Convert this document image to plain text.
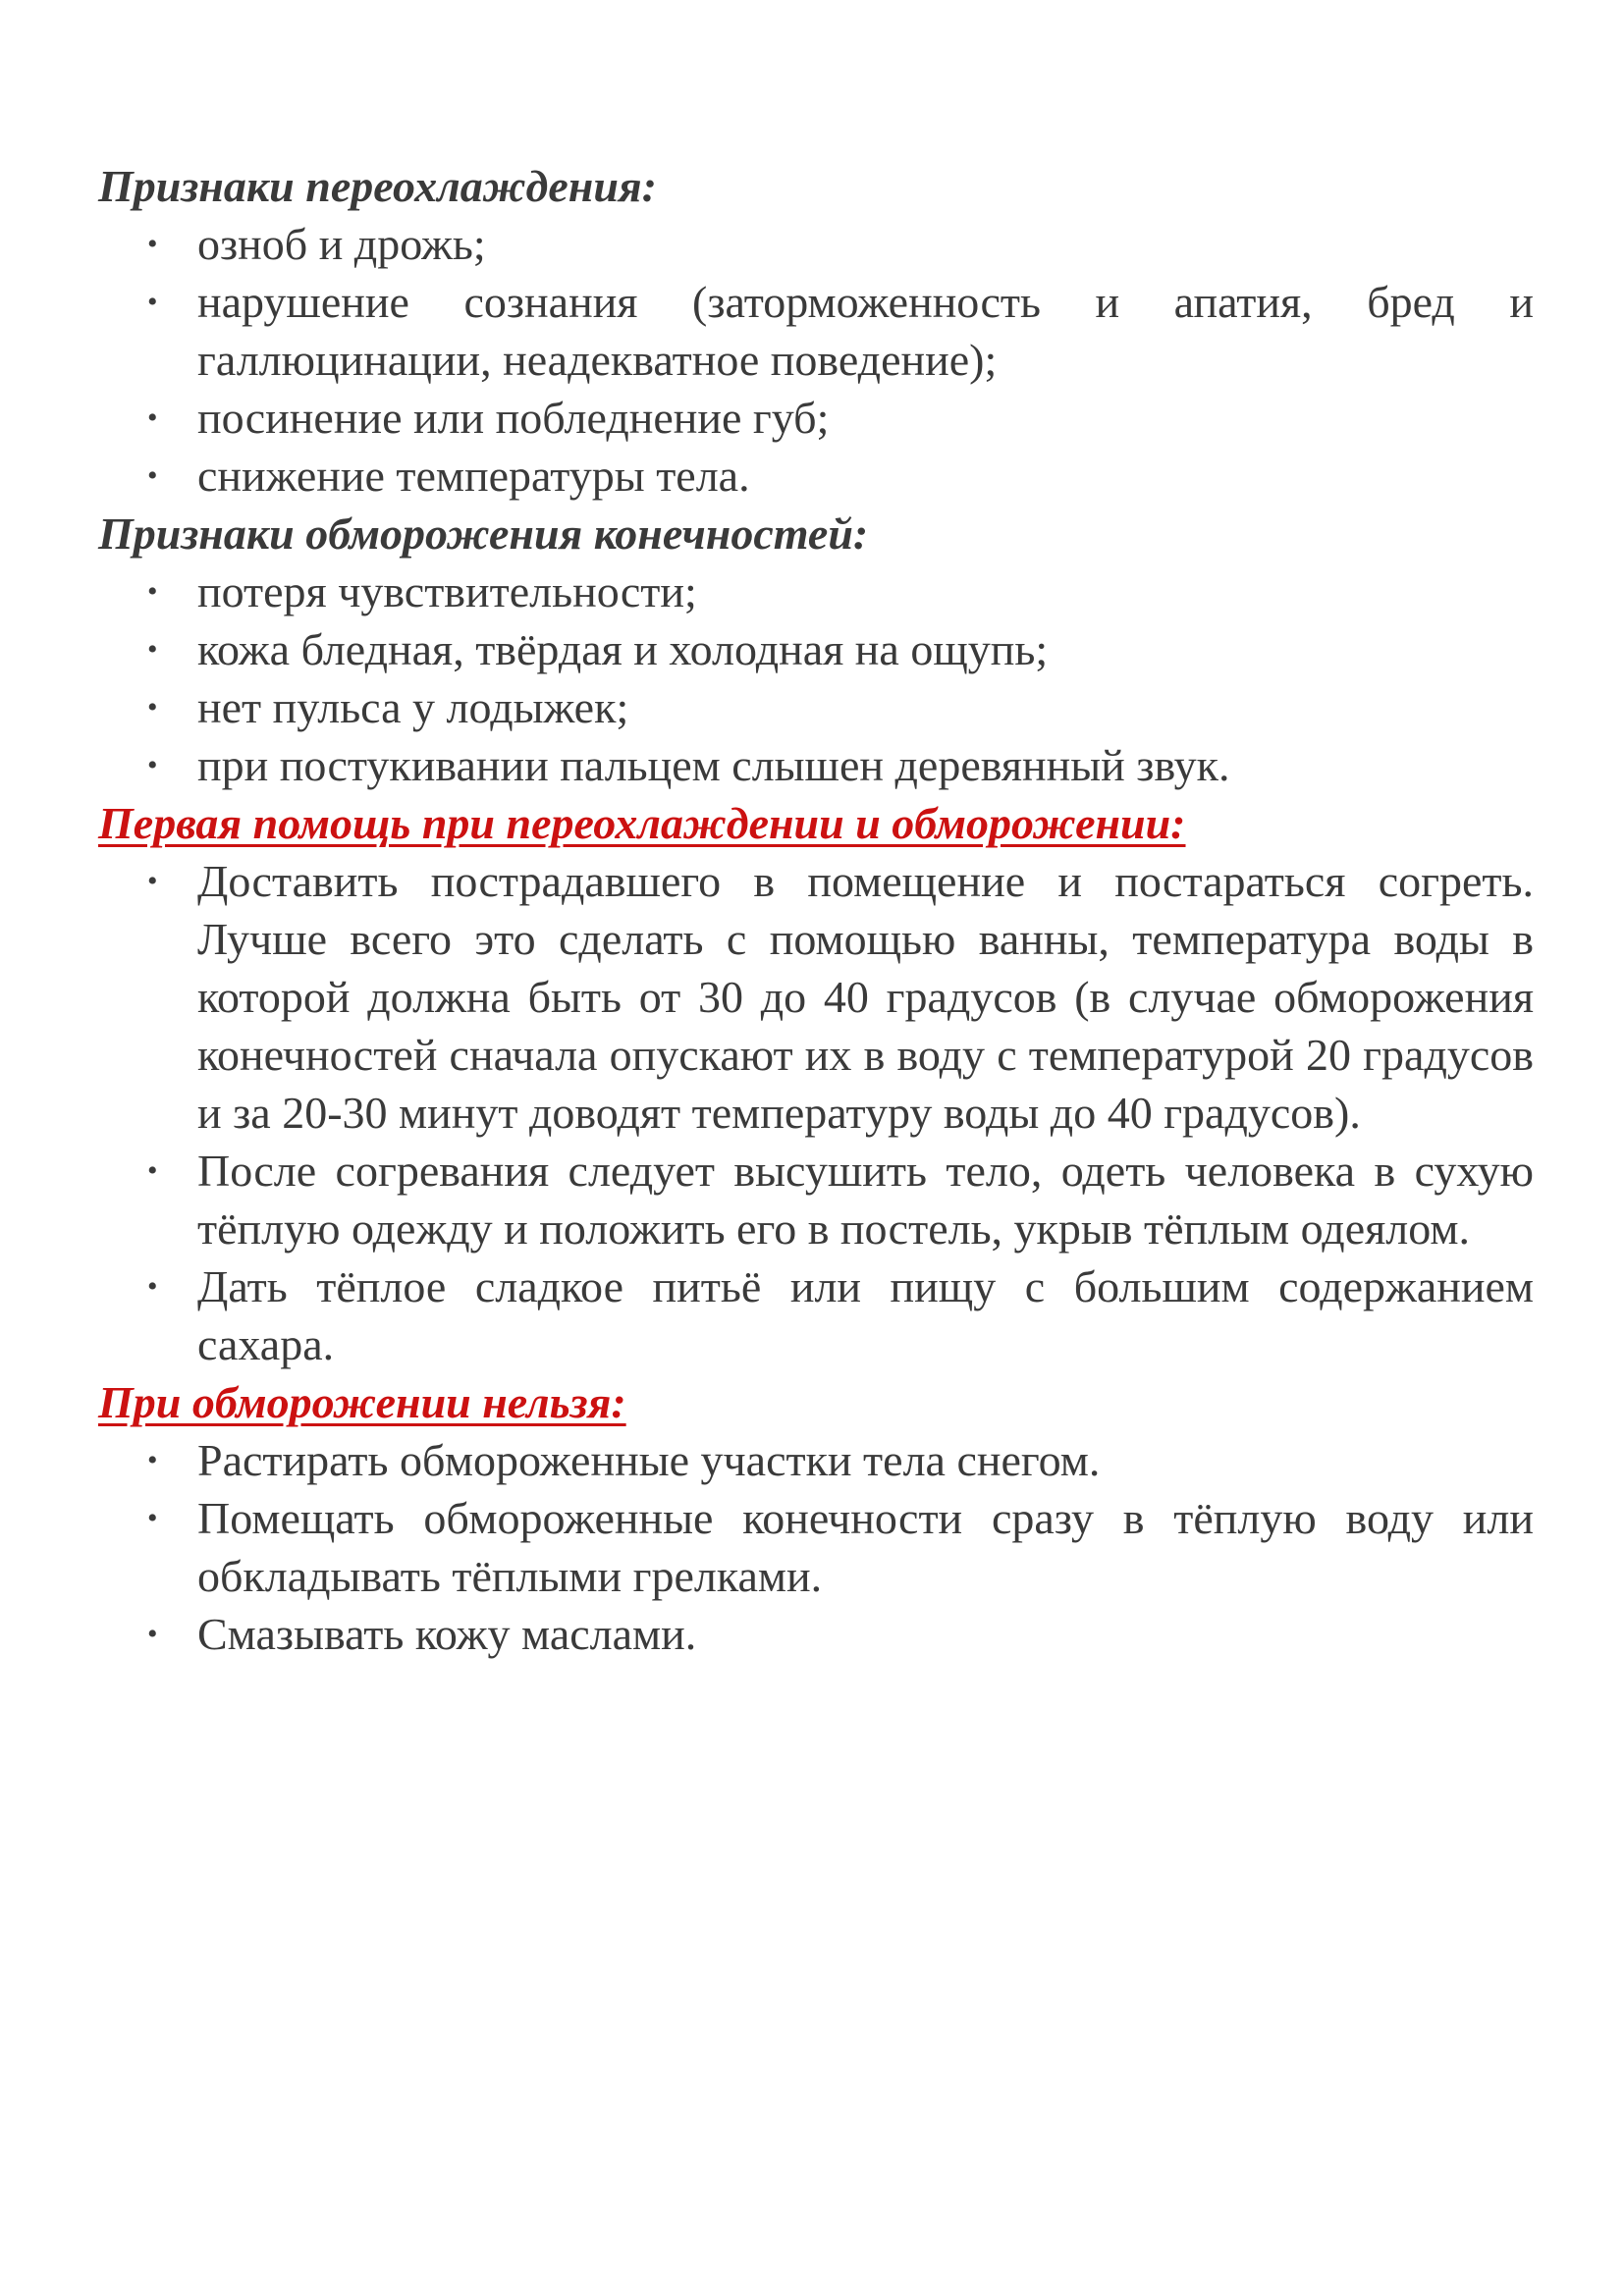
Признаки переохлаждения:
• озноб и дрожь;
• нарушение сознания (заторможенность и апатия, бред и галлюцинации, неадекватное поведение);
• посинение или побледнение губ;
• снижение температуры тела.
Признаки обморожения конечностей:
• потеря чувствительности;
• кожа бледная, твёрдая и холодная на ощупь;
• нет пульса у лодыжек;
• при постукивании пальцем слышен деревянный звук.
Первая помощь при переохлаждении и обморожении:
• Доставить пострадавшего в помещение и постараться согреть. Лучше всего это сделать с помощью ванны, температура воды в которой должна быть от 30 до 40 градусов (в случае обморожения конечностей сначала опускают их в воду с температурой 20 градусов и за 20-30 минут доводят температуру воды до 40 градусов).
• После согревания следует высушить тело, одеть человека в сухую тёплую одежду и положить его в постель, укрыв тёплым одеялом.
• Дать тёплое сладкое питьё или пищу с большим содержанием сахара.
При обморожении нельзя:
• Растирать обмороженные участки тела снегом.
• Помещать обмороженные конечности сразу в тёплую воду или обкладывать тёплыми грелками.
• Смазывать кожу маслами.
